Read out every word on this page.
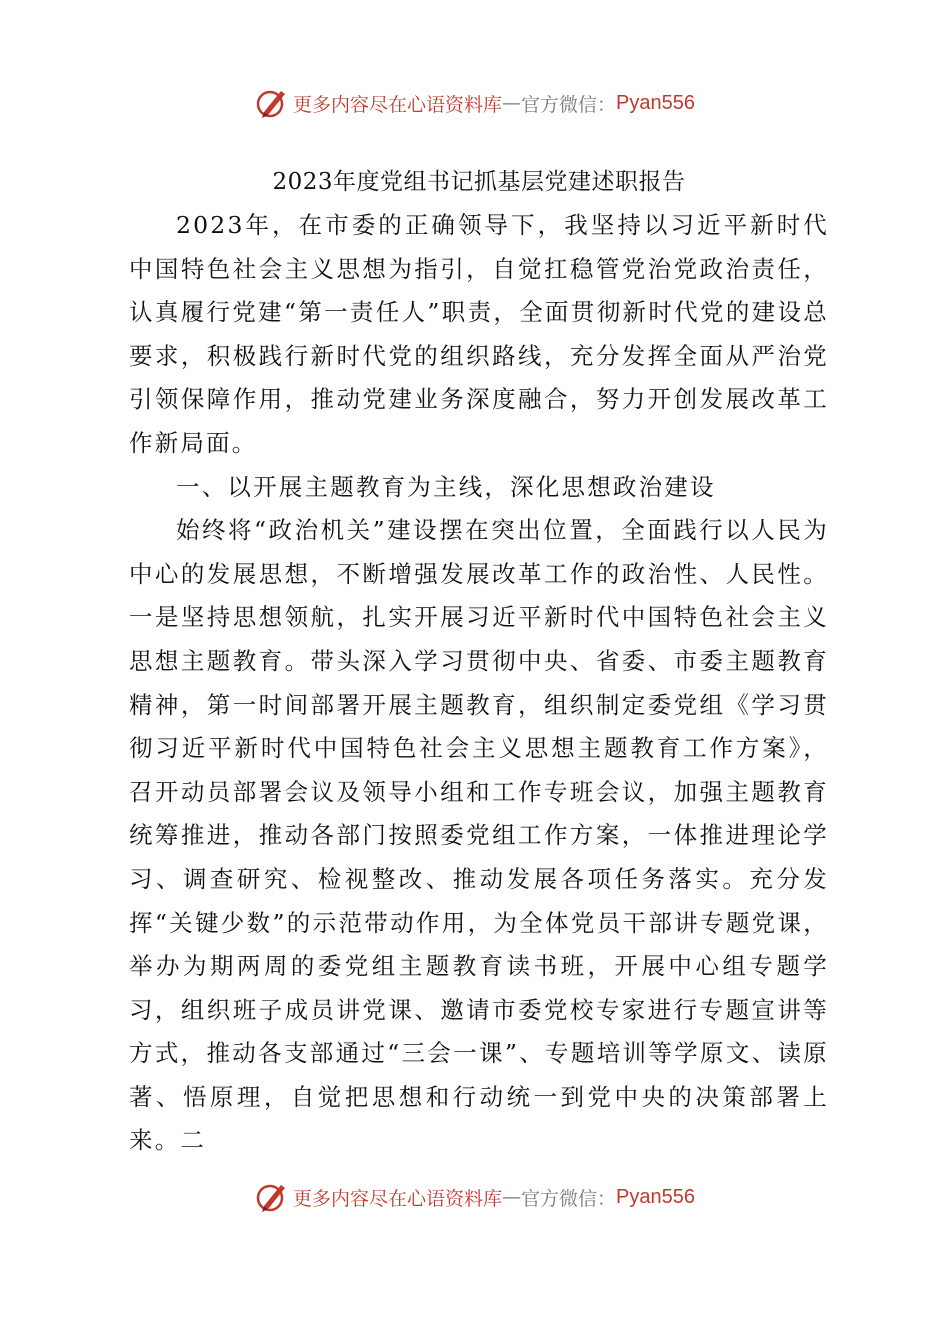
更多内容尽在心语资料库 — 官方微信： Pyan556
2023年度党组书记抓基层党建述职报告

2023年，在市委的正确领导下，我坚持以习近平新时代中国特色社会主义思想为指引，自觉扛稳管党治党政治责任，认真履行党建“第一责任人”职责，全面贯彻新时代党的建设总要求，积极践行新时代党的组织路线，充分发挥全面从严治党引领保障作用，推动党建业务深度融合，努力开创发展改革工作新局面。

一、以开展主题教育为主线，深化思想政治建设

始终将“政治机关”建设摆在突出位置，全面践行以人民为中心的发展思想，不断增强发展改革工作的政治性、人民性。一是坚持思想领航，扎实开展习近平新时代中国特色社会主义思想主题教育。带头深入学习贯彻中央、省委、市委主题教育精神，第一时间部署开展主题教育，组织制定委党组《学习贯彻习近平新时代中国特色社会主义思想主题教育工作方案》，召开动员部署会议及领导小组和工作专班会议，加强主题教育统筹推进，推动各部门按照委党组工作方案，一体推进理论学习、调查研究、检视整改、推动发展各项任务落实。充分发挥“关键少数”的示范带动作用，为全体党员干部讲专题党课，举办为期两周的委党组主题教育读书班，开展中心组专题学习，组织班子成员讲党课、邀请市委党校专家进行专题宣讲等方式，推动各支部通过“三会一课”、专题培训等学原文、读原著、悟原理，自觉把思想和行动统一到党中央的决策部署上来。二

更多内容尽在心语资料库 — 官方微信： Pyan556
